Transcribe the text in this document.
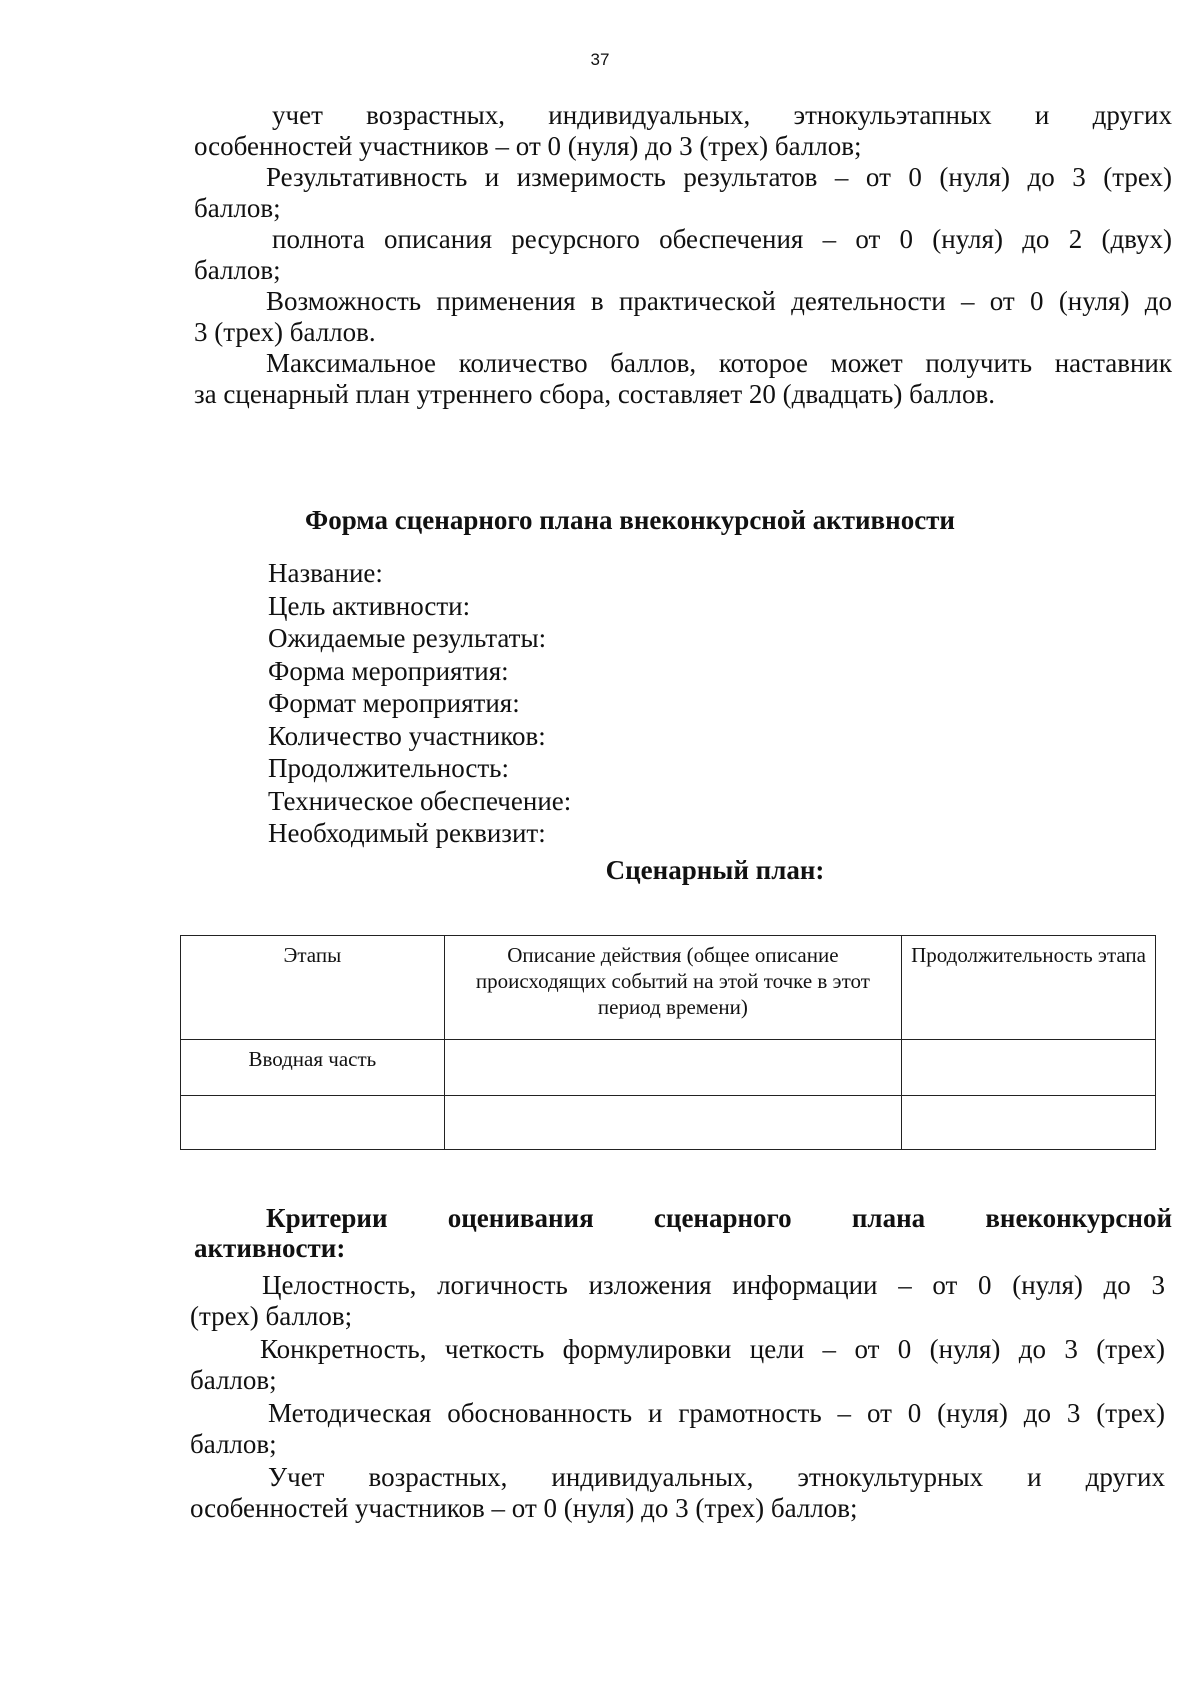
37

учет возрастных, индивидуальных, этнокульэтапных и других
особенностей участников – от 0 (нуля) до 3 (трех) баллов;

Результативность и измеримость результатов – от 0 (нуля) до 3 (трех)
баллов;

полнота описания ресурсного обеспечения – от 0 (нуля) до 2 (двух)
баллов;

Возможность применения в практической деятельности – от 0 (нуля) до
3 (трех) баллов.

Максимальное количество баллов, которое может получить наставник
за сценарный план утреннего сбора, составляет 20 (двадцать) баллов.

Форма сценарного плана внеконкурсной активности
Название:
Цель активности:
Ожидаемые результаты:
Форма мероприятия:
Формат мероприятия:
Количество участников:
Продолжительность:
Техническое обеспечение:
Необходимый реквизит:
Сценарный план:
Этапы	Описание действия (общее описание происходящих событий на этой точке в этот период времени)	Продолжительность этапа
Вводная часть		

Критерии оценивания сценарного плана внеконкурсной
активности:

Целостность, логичность изложения информации – от 0 (нуля) до 3
(трех) баллов;

Конкретность, четкость формулировки цели – от 0 (нуля) до 3 (трех)
баллов;

Методическая обоснованность и грамотность – от 0 (нуля) до 3 (трех)
баллов;

Учет возрастных, индивидуальных, этнокультурных и других
особенностей участников – от 0 (нуля) до 3 (трех) баллов;
